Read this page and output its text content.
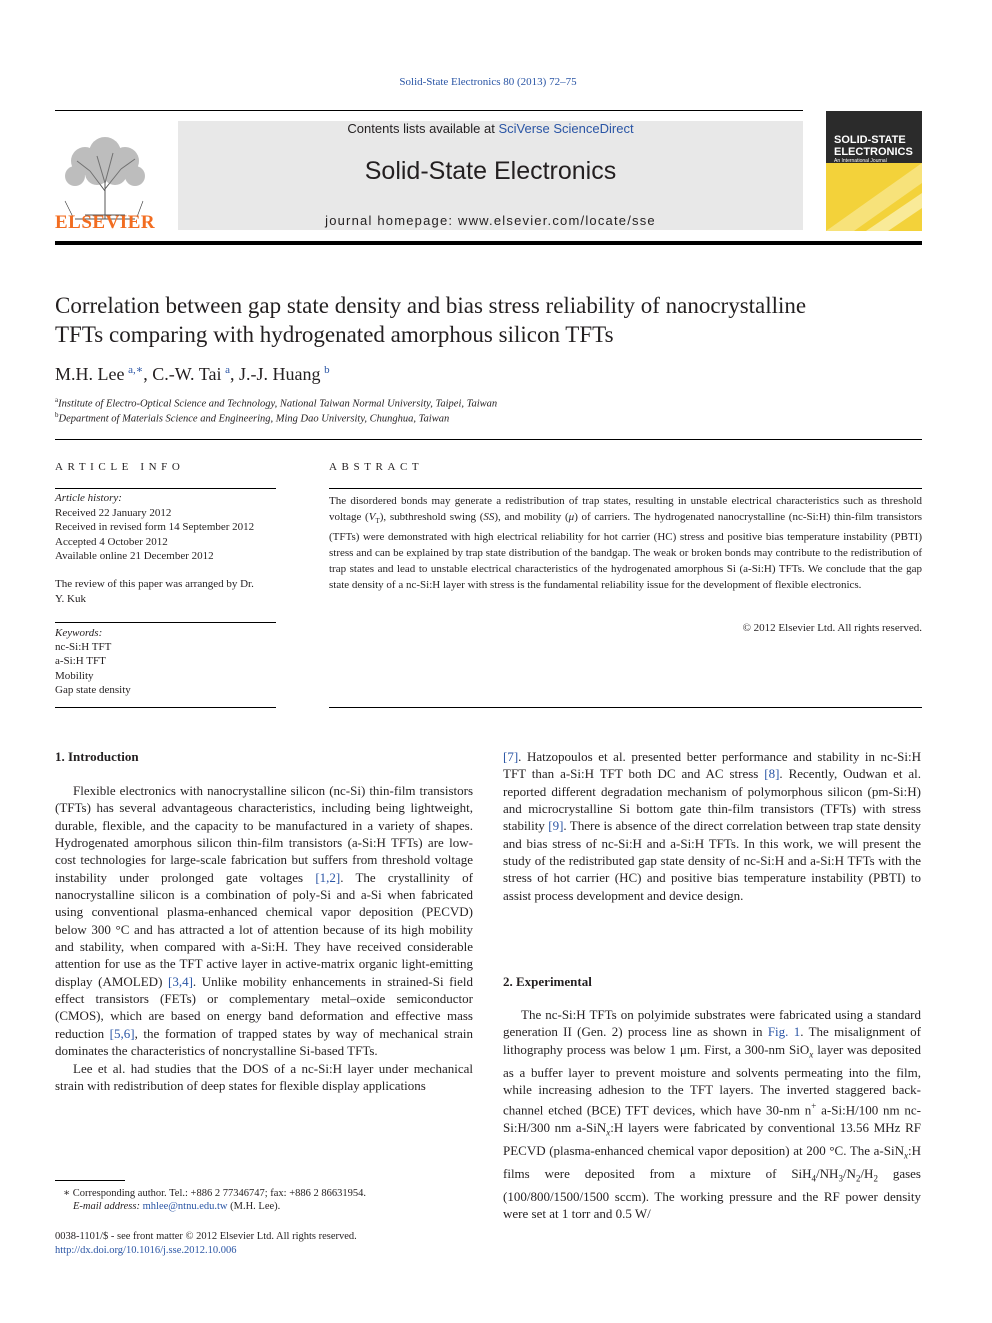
Solid-State Electronics 80 (2013) 72–75
ELSEVIER
Contents lists available at SciVerse ScienceDirect
Solid-State Electronics
journal homepage: www.elsevier.com/locate/sse
SOLID-STATE
ELECTRONICS
An International Journal
Correlation between gap state density and bias stress reliability of nanocrystalline
TFTs comparing with hydrogenated amorphous silicon TFTs
M.H. Lee  $^{a,∗}$, C.-W. Tai  $^a$, J.-J. Huang  $^b$
$^a$Institute of Electro-Optical Science and Technology, National Taiwan Normal University, Taipei, Taiwan
$^b$Department of Materials Science and Engineering, Ming Dao University, Chunghua, Taiwan
ARTICLE INFO
Article history:
Received 22 January 2012
Received in revised form 14 September 2012
Accepted 4 October 2012
Available online 21 December 2012
The review of this paper was arranged by Dr.
Y. Kuk
Keywords:
nc-Si:H TFT
a-Si:H TFT
Mobility
Gap state density
ABSTRACT
The disordered bonds may generate a redistribution of trap states, resulting in unstable electrical characteristics such as threshold voltage $(V_T)$, subthreshold swing (SS), and mobility (μ) of carriers. The hydrogenated nanocrystalline (nc-Si:H) thin-film transistors (TFTs) were demonstrated with high electrical reliability for hot carrier (HC) stress and positive bias temperature instability (PBTI) stress and can be explained by trap state distribution of the bandgap. The weak or broken bonds may contribute to the redistribution of trap states and lead to unstable electrical characteristics of the hydrogenated amorphous Si (a-Si:H) TFTs. We conclude that the gap state density of a nc-Si:H layer with stress is the fundamental reliability issue for the development of flexible electronics.
© 2012 Elsevier Ltd. All rights reserved.
1. Introduction

Flexible electronics with nanocrystalline silicon (nc-Si) thin-film transistors (TFTs) has several advantageous characteristics, including being lightweight, durable, flexible, and the capacity to be manufactured in a variety of shapes. Hydrogenated amorphous silicon thin-film transistors (a-Si:H TFTs) are low-cost technologies for large-scale fabrication but suffers from threshold voltage instability under prolonged gate voltages [1,2]. The crystallinity of nanocrystalline silicon is a combination of poly-Si and a-Si when fabricated using conventional plasma-enhanced chemical vapor deposition (PECVD) below 300 °C and has attracted a lot of attention because of its high mobility and stability, when compared with a-Si:H. They have received considerable attention for use as the TFT active layer in active-matrix organic light-emitting display (AMOLED) [3,4]. Unlike mobility enhancements in strained-Si field effect transistors (FETs) or complementary metal–oxide semiconductor (CMOS), which are based on energy band deformation and effective mass reduction [5,6], the formation of trapped states by way of mechanical strain dominates the characteristics of noncrystalline Si-based TFTs.

Lee et al. had studies that the DOS of a nc-Si:H layer under mechanical strain with redistribution of deep states for flexible display applications

[7]. Hatzopoulos et al. presented better performance and stability in nc-Si:H TFT than a-Si:H TFT both DC and AC stress [8]. Recently, Oudwan et al. reported different degradation mechanism of polymorphous silicon (pm-Si:H) and microcrystalline Si bottom gate thin-film transistors (TFTs) with stress stability [9]. There is absence of the direct correlation between trap state density and bias stress of nc-Si:H and a-Si:H TFTs. In this work, we will present the study of the redistributed gap state density of nc-Si:H and a-Si:H TFTs with the stress of hot carrier (HC) and positive bias temperature instability (PBTI) to assist process development and device design.

2. Experimental

The nc-Si:H TFTs on polyimide substrates were fabricated using a standard generation II (Gen. 2) process line as shown in Fig. 1. The misalignment of lithography process was below 1 μm. First, a 300-nm SiO$_x$ layer was deposited as a buffer layer to prevent moisture and solvents permeating into the film, while increasing adhesion to the TFT layers. The inverted staggered back-channel etched (BCE) TFT devices, which have 30-nm n+ a-Si:H/100 nm nc-Si:H/300 nm a-SiN$_x$:H layers were fabricated by conventional 13.56 MHz RF PECVD (plasma-enhanced chemical vapor deposition) at 200 °C. The a-SiN$_x$:H films were deposited from a mixture of $SiH_4/NH_3/N_2/H_2$ gases (100/800/1500/1500 sccm). The working pressure and the RF power density were set at 1 torr and 0.5 W/

∗ Corresponding author. Tel.: +886 2 77346747; fax: +886 2 86631954.
E-mail address: mhlee@ntnu.edu.tw (M.H. Lee).
0038-1101/$ - see front matter © 2012 Elsevier Ltd. All rights reserved.
http://dx.doi.org/10.1016/j.sse.2012.10.006
